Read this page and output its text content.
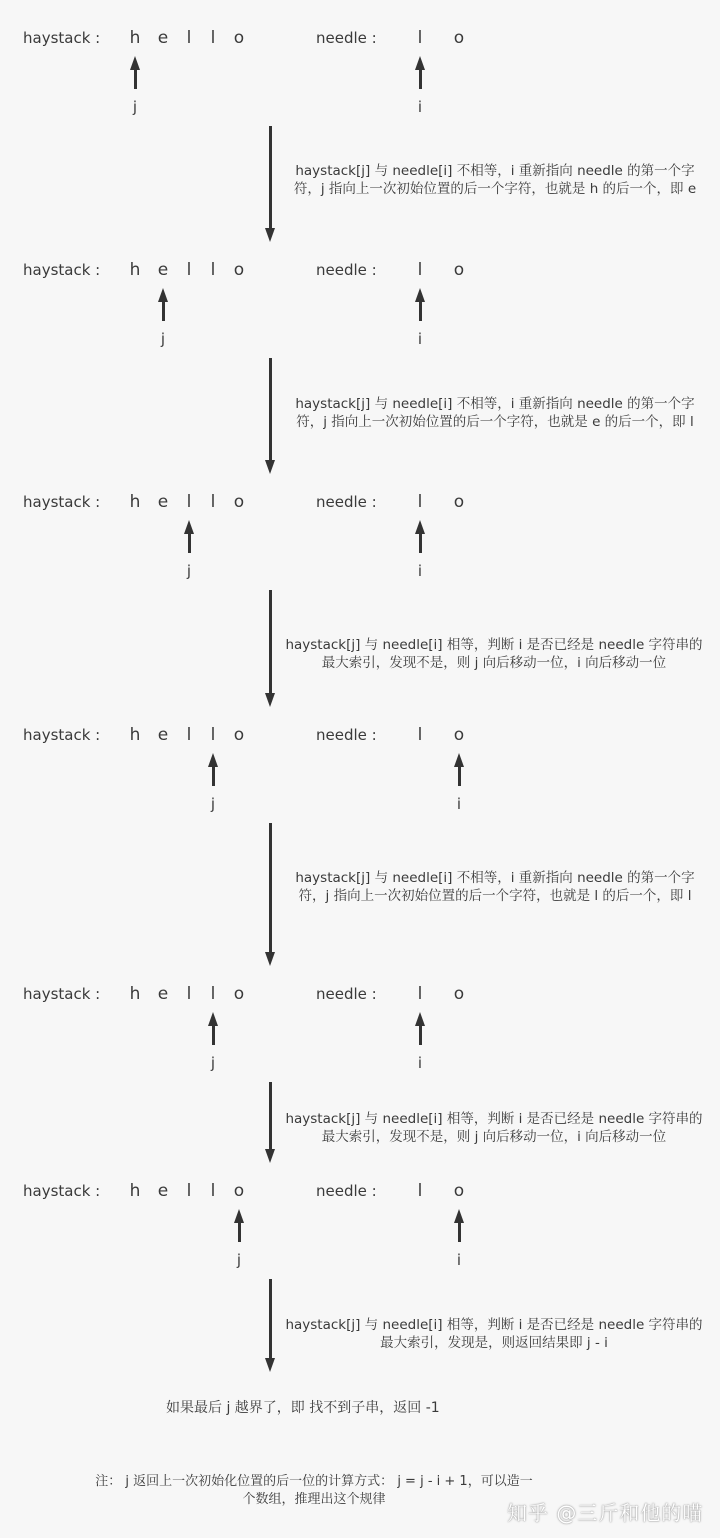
如果最后 j 越界了，即 找不到子串，返回 -1
注： j 返回上一次初始化位置的后一位的计算方式： j = j - i + 1，可以造一
个数组，推理出这个规律
知乎 @三斤和他的喵
haystack : h e	l	l	o	needle :	l	o
j	i
haystack : h e	l	l	o	needle :	l	o
j	i
haystack : h e	l	l	o	needle :	l	o
j	i
haystack : h e	l	l	o	needle :	l	o
j	i
haystack : h e	l	l	o	needle :	l	o
j	i
haystack : h e	l	l	o	needle :	l	o
j	i
haystack[j] 与 needle[i] 不相等，i 重新指向 needle 的第一个字
符，j 指向上一次初始位置的后一个字符，也就是 h 的后一个，即 e
haystack[j] 与 needle[i] 不相等，i 重新指向 needle 的第一个字
符，j 指向上一次初始位置的后一个字符，也就是 e 的后一个，即 l
haystack[j] 与 needle[i] 相等，判断 i 是否已经是 needle 字符串的
最大索引，发现不是，则 j 向后移动一位，i 向后移动一位
haystack[j] 与 needle[i] 不相等，i 重新指向 needle 的第一个字
符，j 指向上一次初始位置的后一个字符，也就是 l 的后一个，即 l
haystack[j] 与 needle[i] 相等，判断 i 是否已经是 needle 字符串的
最大索引，发现不是，则 j 向后移动一位，i 向后移动一位
haystack[j] 与 needle[i] 相等，判断 i 是否已经是 needle 字符串的
最大索引，发现是，则返回结果即 j - i
